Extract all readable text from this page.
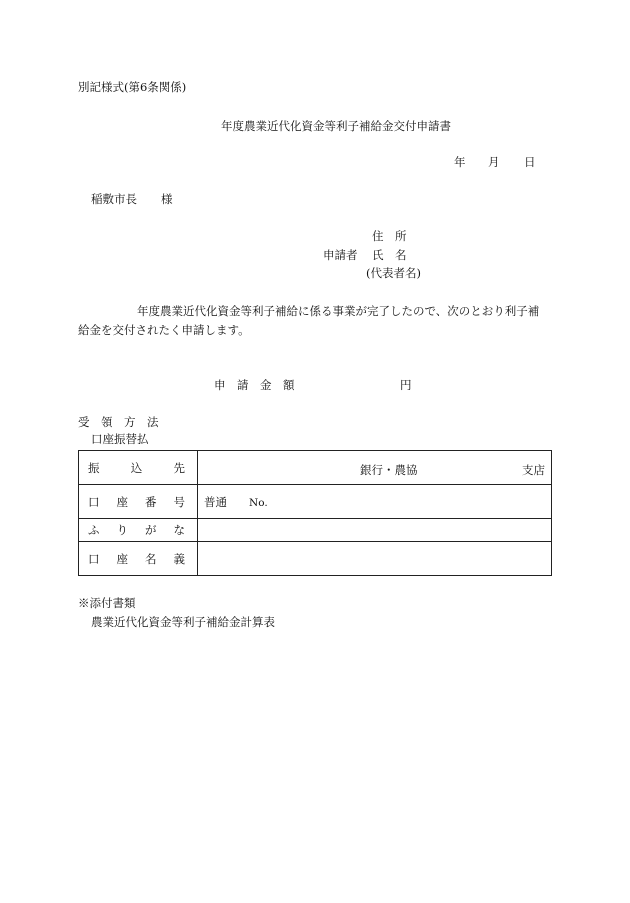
別記様式(第6条関係)
年度農業近代化資金等利子補給金交付申請書
年 月 日
稲敷市長 様
住　所
申請者 氏　名
(代表者名)
年度農業近代化資金等利子補給に係る事業が完了したので、次のとおり利子補
給金を交付されたく申請します。
申　請　金　額	円
受　領　方　法
口座振替払
振 込 先	銀行・農協 支店

口 座 番 号	普通 No.

ふ り が な	

口 座 名 義	

※添付書類
農業近代化資金等利子補給金計算表
